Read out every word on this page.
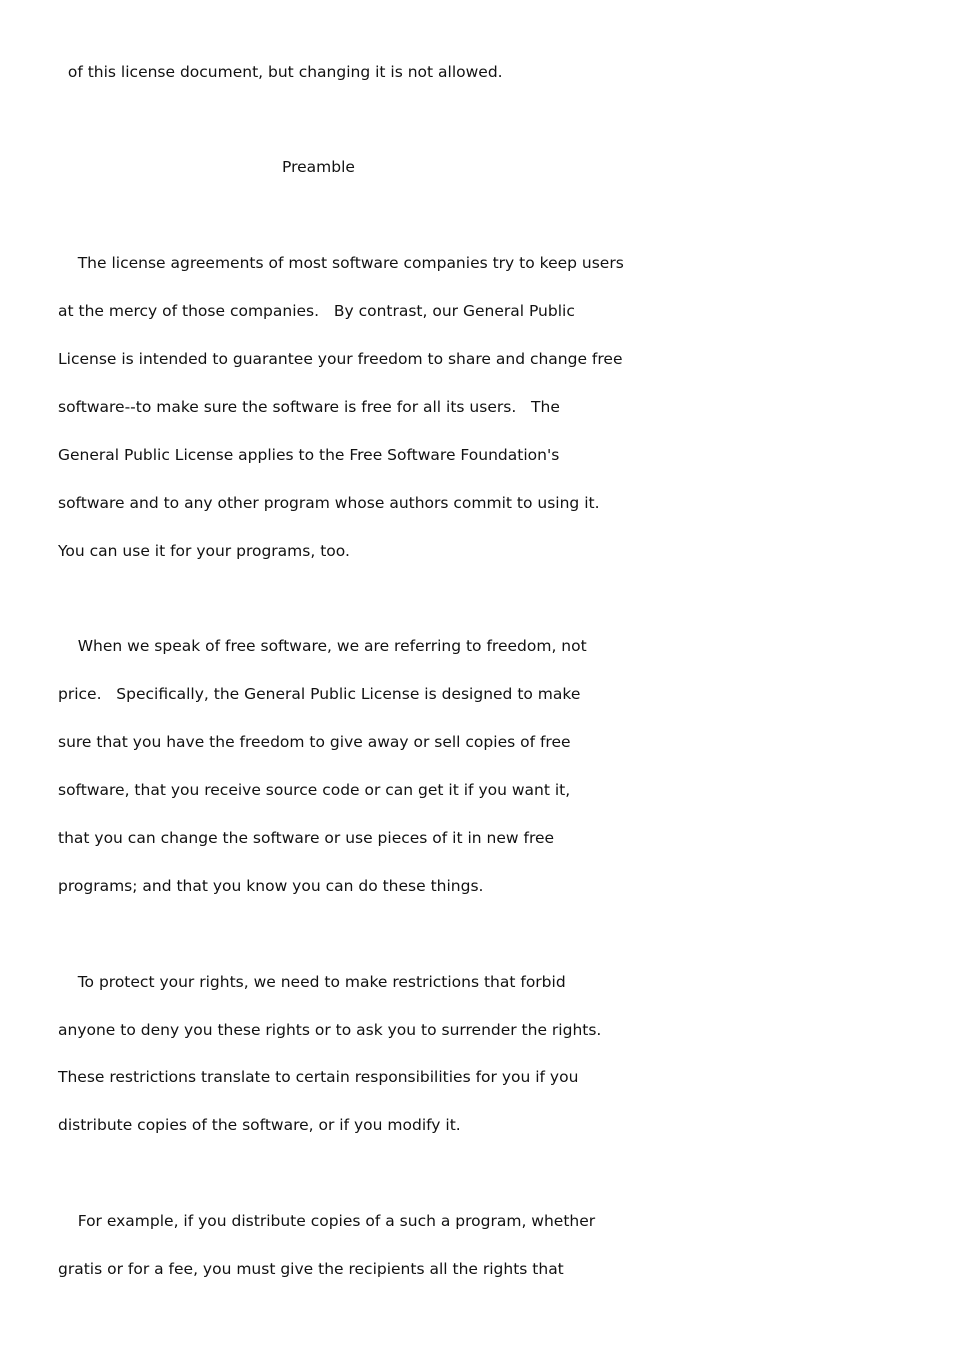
of this license document, but changing it is not allowed.
Preamble
The license agreements of most software companies try to keep users
at the mercy of those companies.   By contrast, our General Public
License is intended to guarantee your freedom to share and change free
software--to make sure the software is free for all its users.   The
General Public License applies to the Free Software Foundation's
software and to any other program whose authors commit to using it.
You can use it for your programs, too.
When we speak of free software, we are referring to freedom, not
price.   Specifically, the General Public License is designed to make
sure that you have the freedom to give away or sell copies of free
software, that you receive source code or can get it if you want it,
that you can change the software or use pieces of it in new free
programs; and that you know you can do these things.
To protect your rights, we need to make restrictions that forbid
anyone to deny you these rights or to ask you to surrender the rights.
These restrictions translate to certain responsibilities for you if you
distribute copies of the software, or if you modify it.
For example, if you distribute copies of a such a program, whether
gratis or for a fee, you must give the recipients all the rights that
